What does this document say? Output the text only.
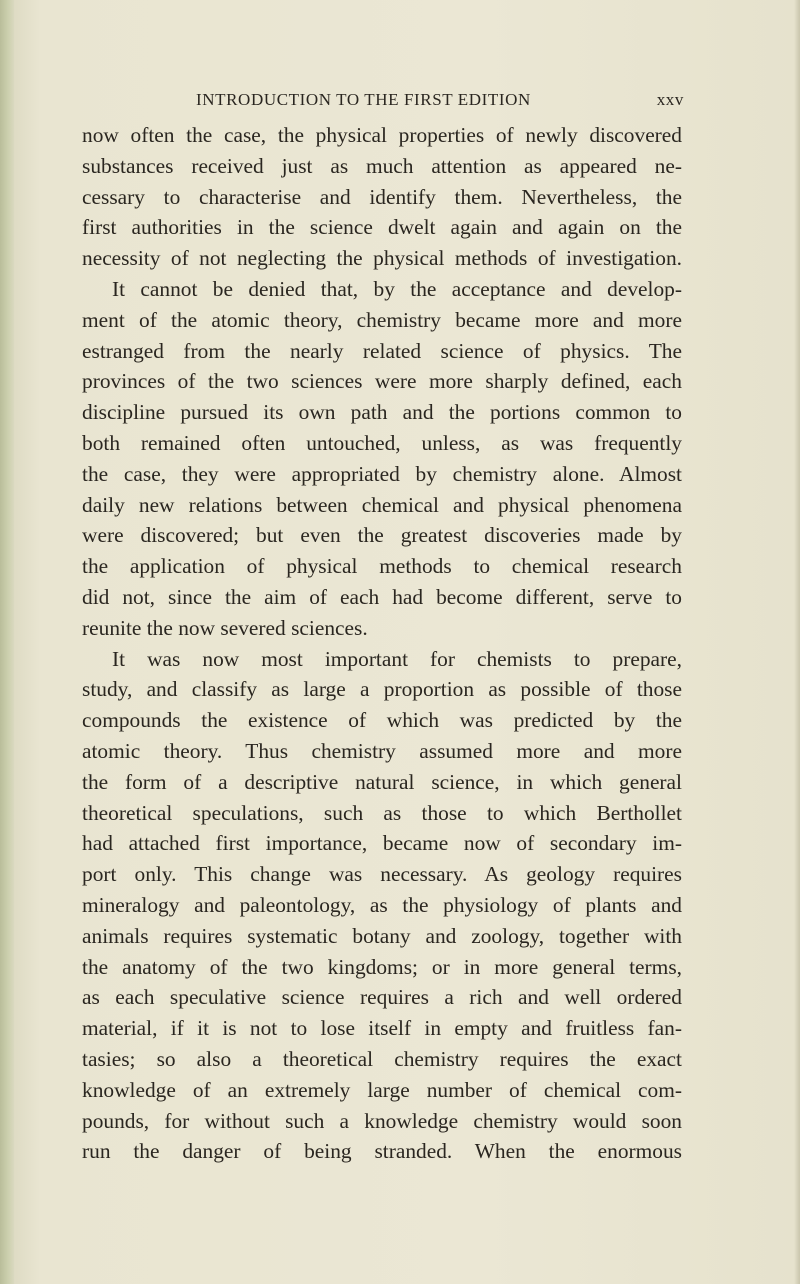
INTRODUCTION TO THE FIRST EDITION	xxv
now often the case, the physical properties of newly discovered
substances received just as much attention as appeared ne-
cessary to characterise and identify them. Nevertheless, the
first authorities in the science dwelt again and again on the
necessity of not neglecting the physical methods of investigation.
It cannot be denied that, by the acceptance and develop-
ment of the atomic theory, chemistry became more and more
estranged from the nearly related science of physics. The
provinces of the two sciences were more sharply defined, each
discipline pursued its own path and the portions common to
both remained often untouched, unless, as was frequently
the case, they were appropriated by chemistry alone. Almost
daily new relations between chemical and physical phenomena
were discovered; but even the greatest discoveries made by
the application of physical methods to chemical research
did not, since the aim of each had become different, serve to
reunite the now severed sciences.
It was now most important for chemists to prepare,
study, and classify as large a proportion as possible of those
compounds the existence of which was predicted by the
atomic theory. Thus chemistry assumed more and more
the form of a descriptive natural science, in which general
theoretical speculations, such as those to which Berthollet
had attached first importance, became now of secondary im-
port only. This change was necessary. As geology requires
mineralogy and paleontology, as the physiology of plants and
animals requires systematic botany and zoology, together with
the anatomy of the two kingdoms; or in more general terms,
as each speculative science requires a rich and well ordered
material, if it is not to lose itself in empty and fruitless fan-
tasies; so also a theoretical chemistry requires the exact
knowledge of an extremely large number of chemical com-
pounds, for without such a knowledge chemistry would soon
run the danger of being stranded. When the enormous
